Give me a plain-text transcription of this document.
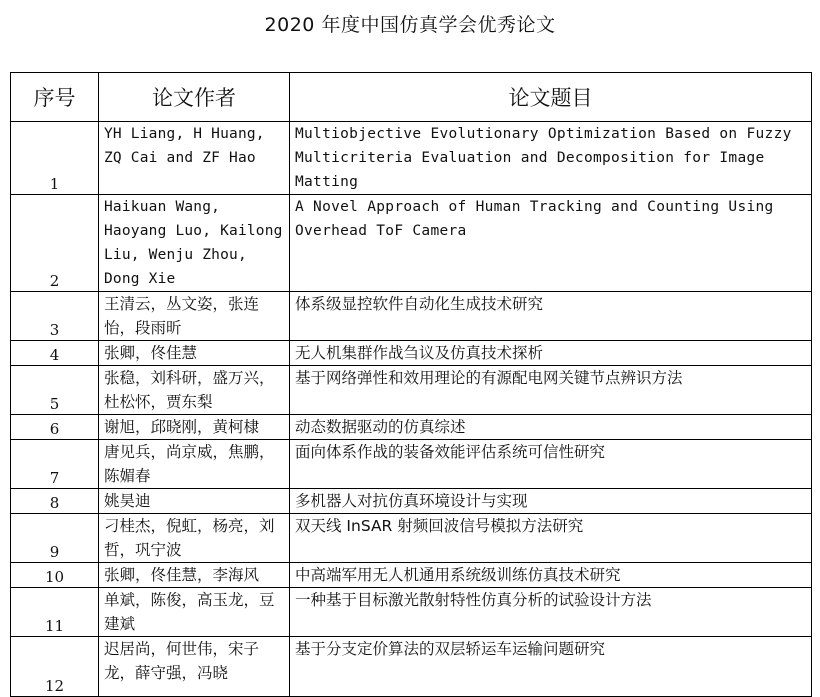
2020 年度中国仿真学会优秀论文
序号	论文作者	论文题目
1	YH Liang, H Huang, ZQ Cai and ZF Hao	Multiobjective Evolutionary Optimization Based on Fuzzy Multicriteria Evaluation and Decomposition for Image Matting
2	Haikuan Wang, Haoyang Luo, Kailong Liu, Wenju Zhou, Dong Xie	A Novel Approach of Human Tracking and Counting Using Overhead ToF Camera
3	王清云，丛文姿，张连怡，段雨昕	体系级显控软件自动化生成技术研究
4	张卿，佟佳慧	无人机集群作战刍议及仿真技术探析
5	张稳，刘科研，盛万兴，杜松怀，贾东梨	基于网络弹性和效用理论的有源配电网关键节点辨识方法
6	谢旭，邱晓刚，黄柯棣	动态数据驱动的仿真综述
7	唐见兵，尚京威，焦鹏，陈媚春	面向体系作战的装备效能评估系统可信性研究
8	姚昊迪	多机器人对抗仿真环境设计与实现
9	刁桂杰，倪虹，杨亮，刘哲，巩宁波	双天线 InSAR 射频回波信号模拟方法研究
10	张卿，佟佳慧，李海风	中高端军用无人机通用系统级训练仿真技术研究
11	单斌，陈俊，高玉龙，豆建斌	一种基于目标激光散射特性仿真分析的试验设计方法
12	迟居尚，何世伟，宋子龙，薛守强，冯晓	基于分支定价算法的双层轿运车运输问题研究
